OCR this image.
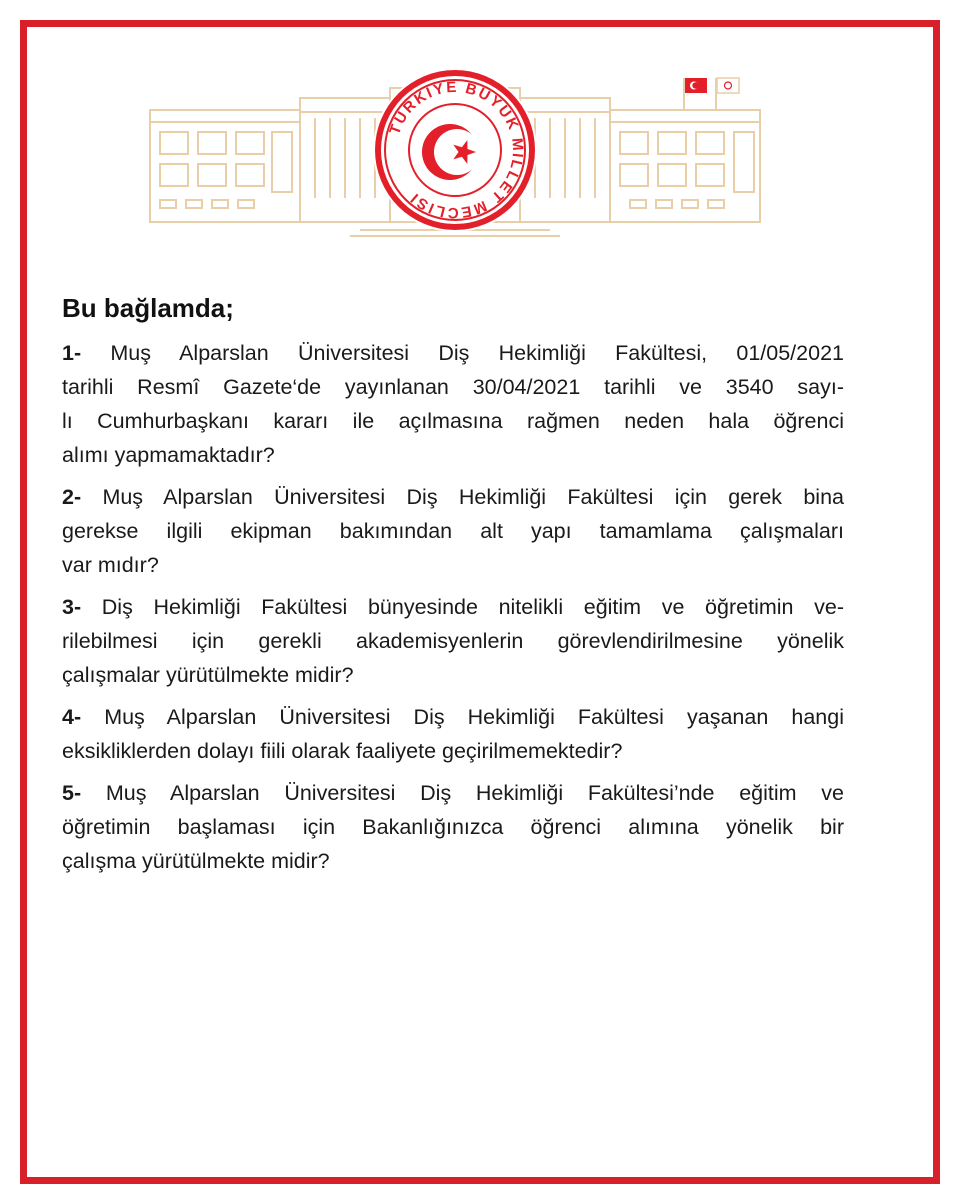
TÜRKİYE BÜYÜK MİLLET MECLİSİ

Bu bağlamda;

1- Muş Alparslan Üniversitesi Diş Hekimliği Fakültesi, 01/05/2021
tarihli Resmî Gazete‘de yayınlanan 30/04/2021 tarihli ve 3540 sayı-
lı Cumhurbaşkanı kararı ile açılmasına rağmen neden hala öğrenci
alımı yapmamaktadır?
2- Muş Alparslan Üniversitesi Diş Hekimliği Fakültesi için gerek bina
gerekse ilgili ekipman bakımından alt yapı tamamlama çalışmaları
var mıdır?
3- Diş Hekimliği Fakültesi bünyesinde nitelikli eğitim ve öğretimin ve-
rilebilmesi için gerekli akademisyenlerin görevlendirilmesine yönelik
çalışmalar yürütülmekte midir?
4- Muş Alparslan Üniversitesi Diş Hekimliği Fakültesi yaşanan hangi
eksikliklerden dolayı fiili olarak faaliyete geçirilmemektedir?
5- Muş Alparslan Üniversitesi Diş Hekimliği Fakültesi’nde eğitim ve
öğretimin başlaması için Bakanlığınızca öğrenci alımına yönelik bir
çalışma yürütülmekte midir?
